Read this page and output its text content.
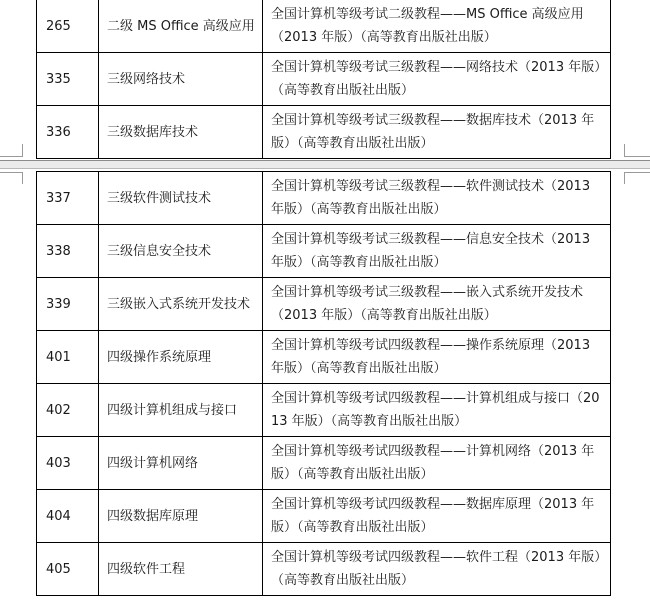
265	二级 MS Office 高级应用	全国计算机等级考试二级教程——MS Office 高级应用（2013 年版）（高等教育出版社出版）
335	三级网络技术	全国计算机等级考试三级教程——网络技术（2013 年版）（高等教育出版社出版）
336	三级数据库技术	全国计算机等级考试三级教程——数据库技术（2013 年版）（高等教育出版社出版）
337	三级软件测试技术	全国计算机等级考试三级教程——软件测试技术（2013 年版）（高等教育出版社出版）
338	三级信息安全技术	全国计算机等级考试三级教程——信息安全技术（2013 年版）（高等教育出版社出版）
339	三级嵌入式系统开发技术	全国计算机等级考试三级教程——嵌入式系统开发技术（2013 年版）（高等教育出版社出版）
401	四级操作系统原理	全国计算机等级考试四级教程——操作系统原理（2013 年版）（高等教育出版社出版）
402	四级计算机组成与接口	全国计算机等级考试四级教程——计算机组成与接口（2013 年版）（高等教育出版社出版）
403	四级计算机网络	全国计算机等级考试四级教程——计算机网络（2013 年版）（高等教育出版社出版）
404	四级数据库原理	全国计算机等级考试四级教程——数据库原理（2013 年版）（高等教育出版社出版）
405	四级软件工程	全国计算机等级考试四级教程——软件工程（2013 年版）（高等教育出版社出版）
